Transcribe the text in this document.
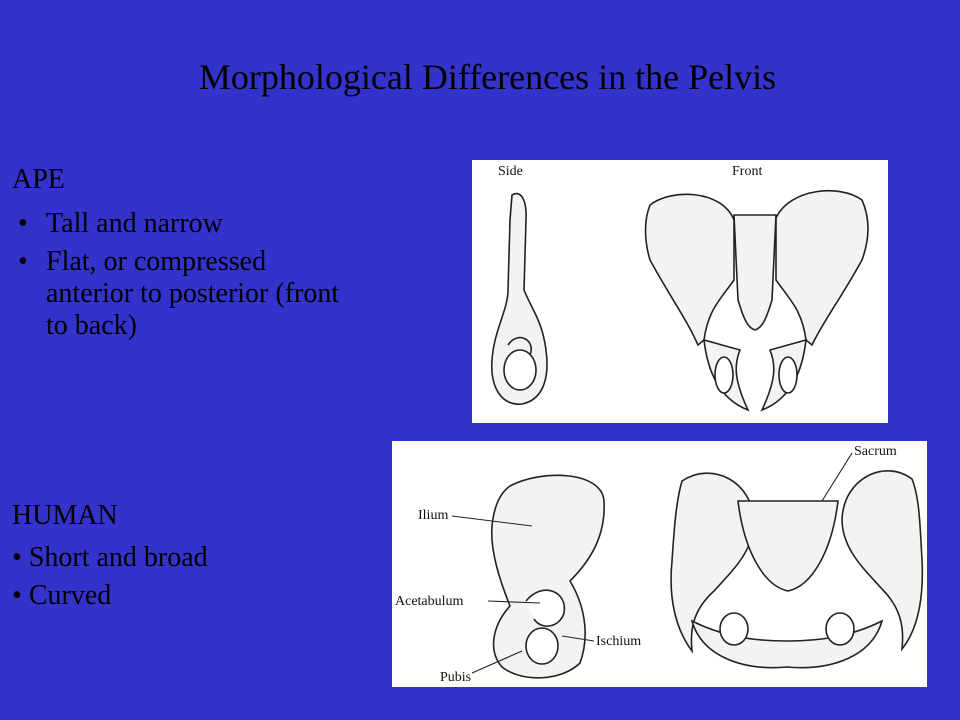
Morphological Differences in the Pelvis
APE
• Tall and narrow
• Flat, or compressed anterior to posterior (front to back)
HUMAN
• Short and broad
• Curved
Side	Front
Ilium
Acetabulum
Pubis
Ischium
Sacrum
